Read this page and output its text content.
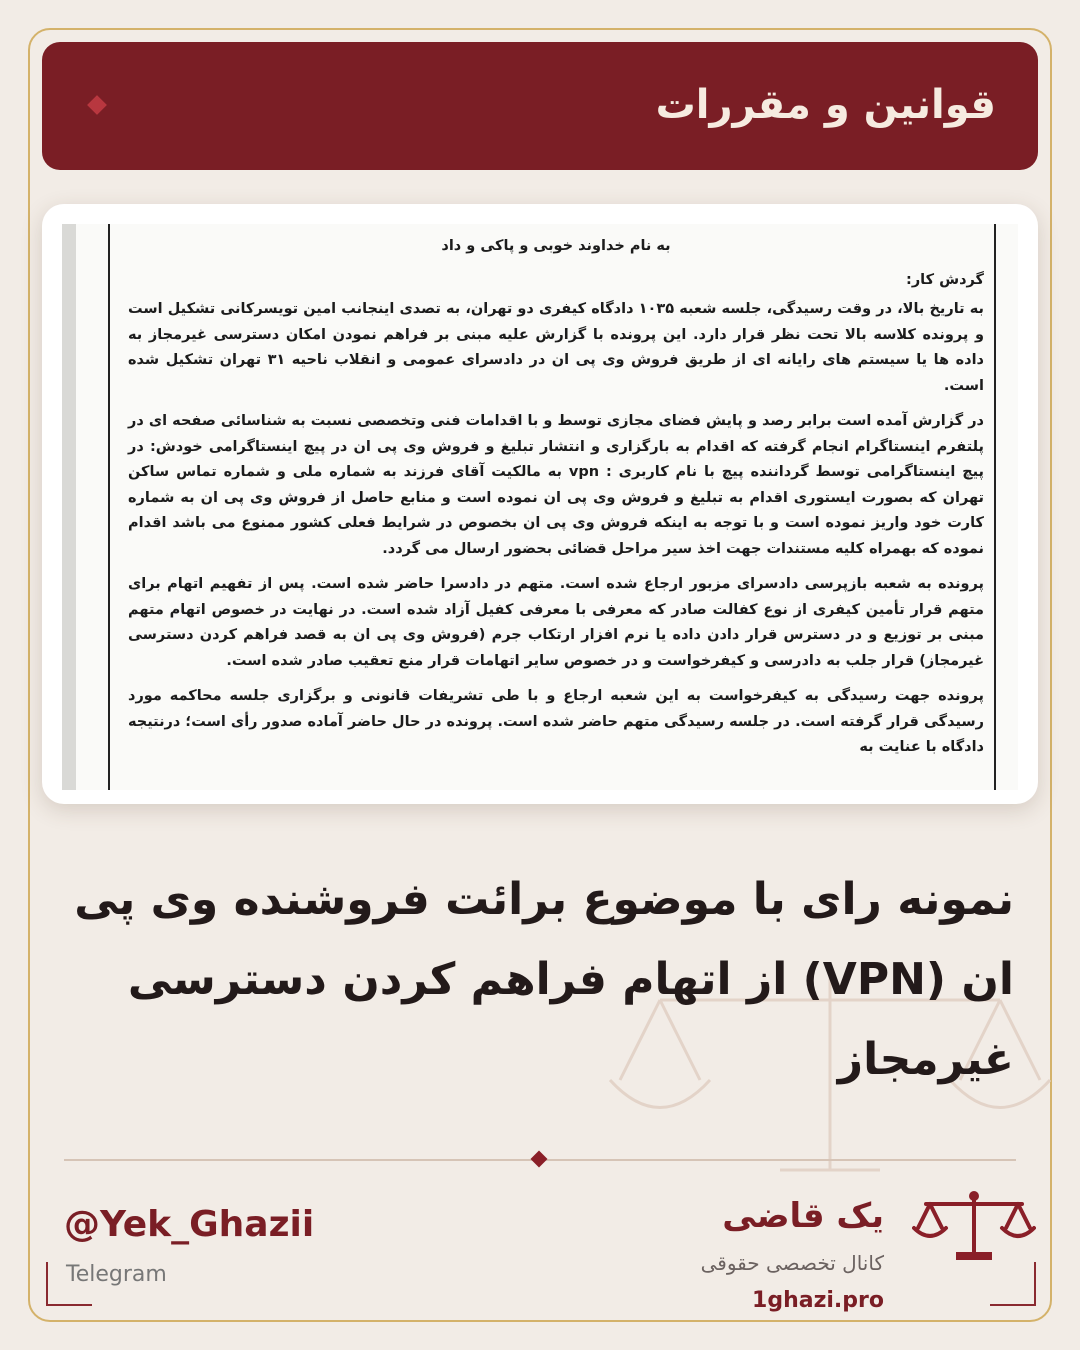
قوانین و مقررات

به نام خداوند خوبی و پاکی و داد

گردش کار:

به تاریخ بالا، در وقت رسیدگی، جلسه شعبه ۱۰۳۵ دادگاه کیفری دو تهران، به تصدی اینجانب امین تویسرکانی تشکیل است و پرونده کلاسه بالا تحت نظر قرار دارد. این پرونده با گزارش علیه مبنی بر فراهم نمودن امکان دسترسی غیرمجاز به داده ها یا سیستم های رایانه ای از طریق فروش وی پی ان در دادسرای عمومی و انقلاب ناحیه ۳۱ تهران تشکیل شده است.

در گزارش آمده است برابر رصد و پایش فضای مجازی توسط و با اقدامات فنی وتخصصی نسبت به شناسائی صفحه ای در پلتفرم اینستاگرام انجام گرفته که اقدام به بارگزاری و انتشار تبلیغ و فروش وی پی ان در پیچ اینستاگرامی خودش: در پیچ اینستاگرامی توسط گرداننده پیچ با نام کاربری : vpn به مالکیت آقای فرزند به شماره ملی و شماره تماس ساکن تهران که بصورت ایستوری اقدام به تبلیغ و فروش وی پی ان نموده است و منابع حاصل از فروش وی پی ان به شماره کارت خود واریز نموده است و با توجه به اینکه فروش وی پی ان بخصوص در شرایط فعلی کشور ممنوع می باشد اقدام نموده که بهمراه کلیه مستندات جهت اخذ سیر مراحل قضائی بحضور ارسال می گردد.

پرونده به شعبه بازپرسی دادسرای مزبور ارجاع شده است. متهم در دادسرا حاضر شده است. پس از تفهیم اتهام برای متهم قرار تأمین کیفری از نوع کفالت صادر که معرفی با معرفی کفیل آزاد شده است. در نهایت در خصوص اتهام متهم مبنی بر توزیع و در دسترس قرار دادن داده یا نرم افزار ارتکاب جرم (فروش وی پی ان به قصد فراهم کردن دسترسی غیرمجاز) قرار جلب به دادرسی و کیفرخواست و در خصوص سایر اتهامات قرار منع تعقیب صادر شده است.

پرونده جهت رسیدگی به کیفرخواست به این شعبه ارجاع و با طی تشریفات قانونی و برگزاری جلسه محاکمه مورد رسیدگی قرار گرفته است. در جلسه رسیدگی متهم حاضر شده است. پرونده در حال حاضر آماده صدور رأی است؛ درنتیجه دادگاه با عنایت به

نمونه رای با موضوع برائت فروشنده وی پی ان (VPN) از اتهام فراهم کردن دسترسی غیرمجاز
@Yek_Ghazii
Telegram
یک قاضی
کانال تخصصی حقوقی
1ghazi.pro
